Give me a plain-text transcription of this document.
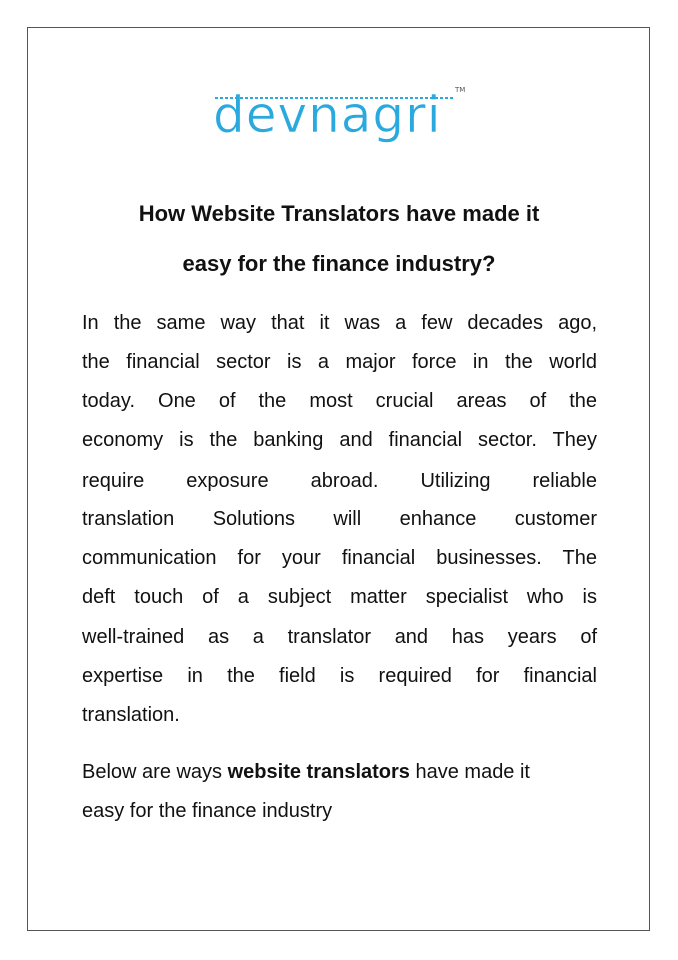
devnagri TM
How Website Translators have made it
easy for the finance industry?
In the same way that it was a few decades ago,
the financial sector is a major force in the world
today. One of the most crucial areas of the
economy is the banking and financial sector. They
require exposure abroad. Utilizing reliable
translation Solutions will enhance customer
communication for your financial businesses. The
deft touch of a subject matter specialist who is
well-trained as a translator and has years of
expertise in the field is required for financial
translation.
Below are ways website translators have made it
easy for the finance industry
